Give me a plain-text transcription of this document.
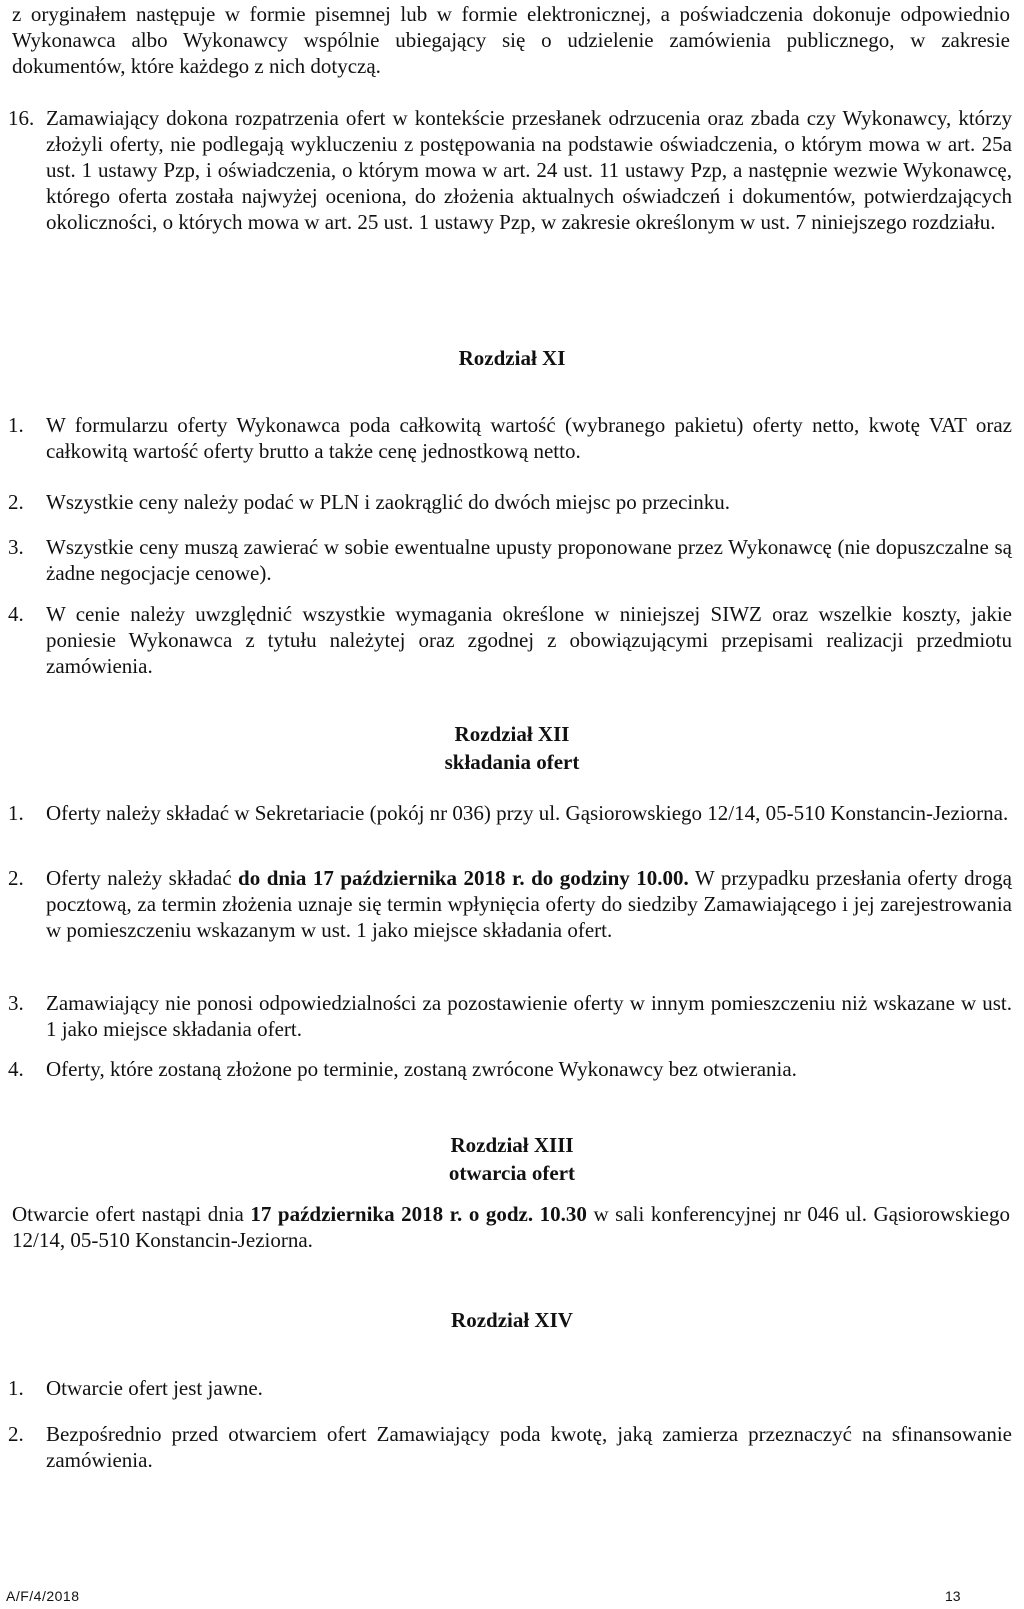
z oryginałem następuje w formie pisemnej lub w formie elektronicznej, a poświadczenia dokonuje odpowiednio Wykonawca albo Wykonawcy wspólnie ubiegający się o udzielenie zamówienia publicznego, w zakresie dokumentów, które każdego z nich dotyczą.
16. Zamawiający dokona rozpatrzenia ofert w kontekście przesłanek odrzucenia oraz zbada czy Wykonawcy, którzy złożyli oferty, nie podlegają wykluczeniu z postępowania na podstawie oświadczenia, o którym mowa w art. 25a ust. 1 ustawy Pzp, i oświadczenia, o którym mowa w art. 24 ust. 11 ustawy Pzp, a następnie wezwie Wykonawcę, którego oferta została najwyżej oceniona, do złożenia aktualnych oświadczeń i dokumentów, potwierdzających okoliczności, o których mowa w art. 25 ust. 1 ustawy Pzp, w zakresie określonym w ust. 7 niniejszego rozdziału.
Rozdział XI
1.	W formularzu oferty Wykonawca poda całkowitą wartość (wybranego pakietu) oferty netto, kwotę VAT oraz całkowitą wartość oferty brutto a także cenę jednostkową netto.
2.	Wszystkie ceny należy podać w PLN i zaokrąglić do dwóch miejsc po przecinku.
3.	Wszystkie ceny muszą zawierać w sobie ewentualne upusty proponowane przez Wykonawcę (nie dopuszczalne są żadne negocjacje cenowe).
4.	W cenie należy uwzględnić wszystkie wymagania określone w niniejszej SIWZ oraz wszelkie koszty, jakie poniesie Wykonawca z tytułu należytej oraz zgodnej z obowiązującymi przepisami realizacji przedmiotu zamówienia.
Rozdział XII
składania ofert
1.	Oferty należy składać w Sekretariacie (pokój nr 036) przy ul. Gąsiorowskiego 12/14, 05-510 Konstancin-Jeziorna.
2.	Oferty należy składać do dnia 17 października 2018 r. do godziny 10.00. W przypadku przesłania oferty drogą pocztową, za termin złożenia uznaje się termin wpłynięcia oferty do siedziby Zamawiającego i jej zarejestrowania w pomieszczeniu wskazanym w ust. 1 jako miejsce składania ofert.
3.	Zamawiający nie ponosi odpowiedzialności za pozostawienie oferty w innym pomieszczeniu niż wskazane w ust. 1 jako miejsce składania ofert.
4.	Oferty, które zostaną złożone po terminie, zostaną zwrócone Wykonawcy bez otwierania.
Rozdział XIII
otwarcia ofert
Otwarcie ofert nastąpi dnia 17 października 2018 r. o godz. 10.30 w sali konferencyjnej nr 046 ul. Gąsiorowskiego 12/14, 05-510 Konstancin-Jeziorna.
Rozdział XIV
1.	Otwarcie ofert jest jawne.
2.	Bezpośrednio przed otwarciem ofert Zamawiający poda kwotę, jaką zamierza przeznaczyć na sfinansowanie zamówienia.
A/F/4/2018	13
